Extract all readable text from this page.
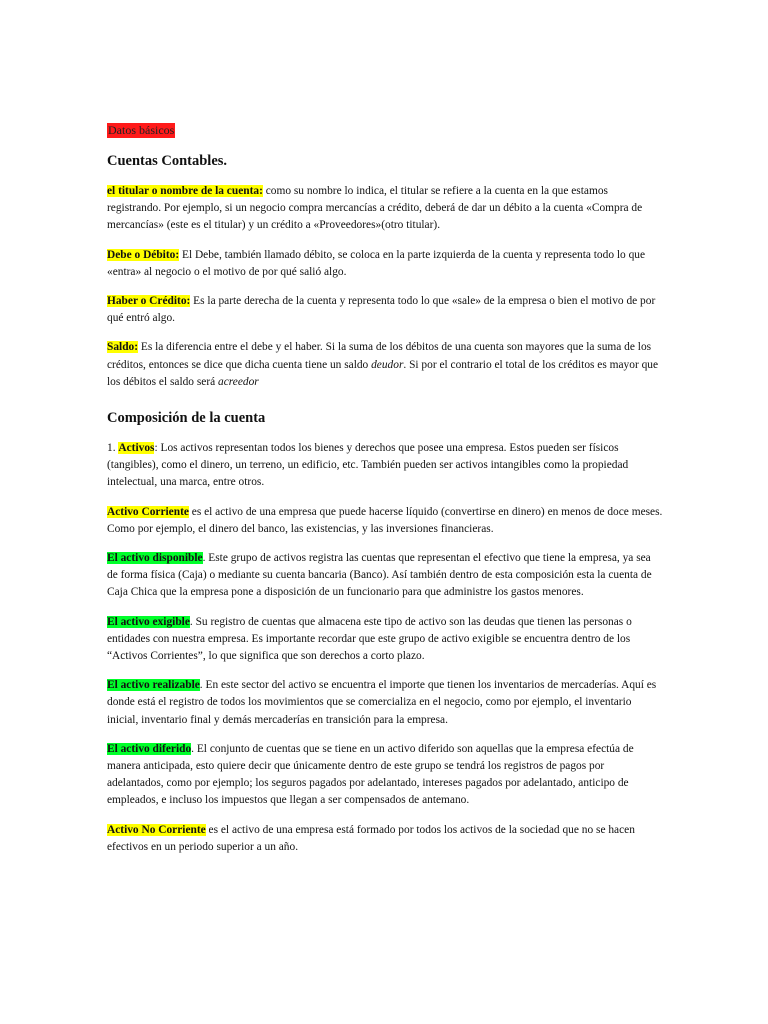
Datos básicos
Cuentas Contables.

el titular o nombre de la cuenta: como su nombre lo indica, el titular se refiere a la cuenta en la que estamos registrando. Por ejemplo, si un negocio compra mercancías a crédito, deberá de dar un débito a la cuenta «Compra de mercancías» (este es el titular) y un crédito a «Proveedores»(otro titular).

Debe o Débito: El Debe, también llamado débito, se coloca en la parte izquierda de la cuenta y representa todo lo que «entra» al negocio o el motivo de por qué salió algo.

Haber o Crédito: Es la parte derecha de la cuenta y representa todo lo que «sale» de la empresa o bien el motivo de por qué entró algo.

Saldo: Es la diferencia entre el debe y el haber. Si la suma de los débitos de una cuenta son mayores que la suma de los créditos, entonces se dice que dicha cuenta tiene un saldo deudor. Si por el contrario el total de los créditos es mayor que los débitos el saldo será acreedor

Composición de la cuenta

1. Activos: Los activos representan todos los bienes y derechos que posee una empresa. Estos pueden ser físicos (tangibles), como el dinero, un terreno, un edificio, etc. También pueden ser activos intangibles como la propiedad intelectual, una marca, entre otros.

Activo Corriente es el activo de una empresa que puede hacerse líquido (convertirse en dinero) en menos de doce meses. Como por ejemplo, el dinero del banco, las existencias, y las inversiones financieras.

El activo disponible. Este grupo de activos registra las cuentas que representan el efectivo que tiene la empresa, ya sea de forma física (Caja) o mediante su cuenta bancaria (Banco). Así también dentro de esta composición esta la cuenta de Caja Chica que la empresa pone a disposición de un funcionario para que administre los gastos menores.

El activo exigible. Su registro de cuentas que almacena este tipo de activo son las deudas que tienen las personas o entidades con nuestra empresa. Es importante recordar que este grupo de activo exigible se encuentra dentro de los “Activos Corrientes”, lo que significa que son derechos a corto plazo.

El activo realizable. En este sector del activo se encuentra el importe que tienen los inventarios de mercaderías. Aquí es donde está el registro de todos los movimientos que se comercializa en el negocio, como por ejemplo, el inventario inicial, inventario final y demás mercaderías en transición para la empresa.

El activo diferido. El conjunto de cuentas que se tiene en un activo diferido son aquellas que la empresa efectúa de manera anticipada, esto quiere decir que únicamente dentro de este grupo se tendrá los registros de pagos por adelantados, como por ejemplo; los seguros pagados por adelantado, intereses pagados por adelantado, anticipo de empleados, e incluso los impuestos que llegan a ser compensados de antemano.

Activo No Corriente es el activo de una empresa está formado por todos los activos de la sociedad que no se hacen efectivos en un periodo superior a un año.
